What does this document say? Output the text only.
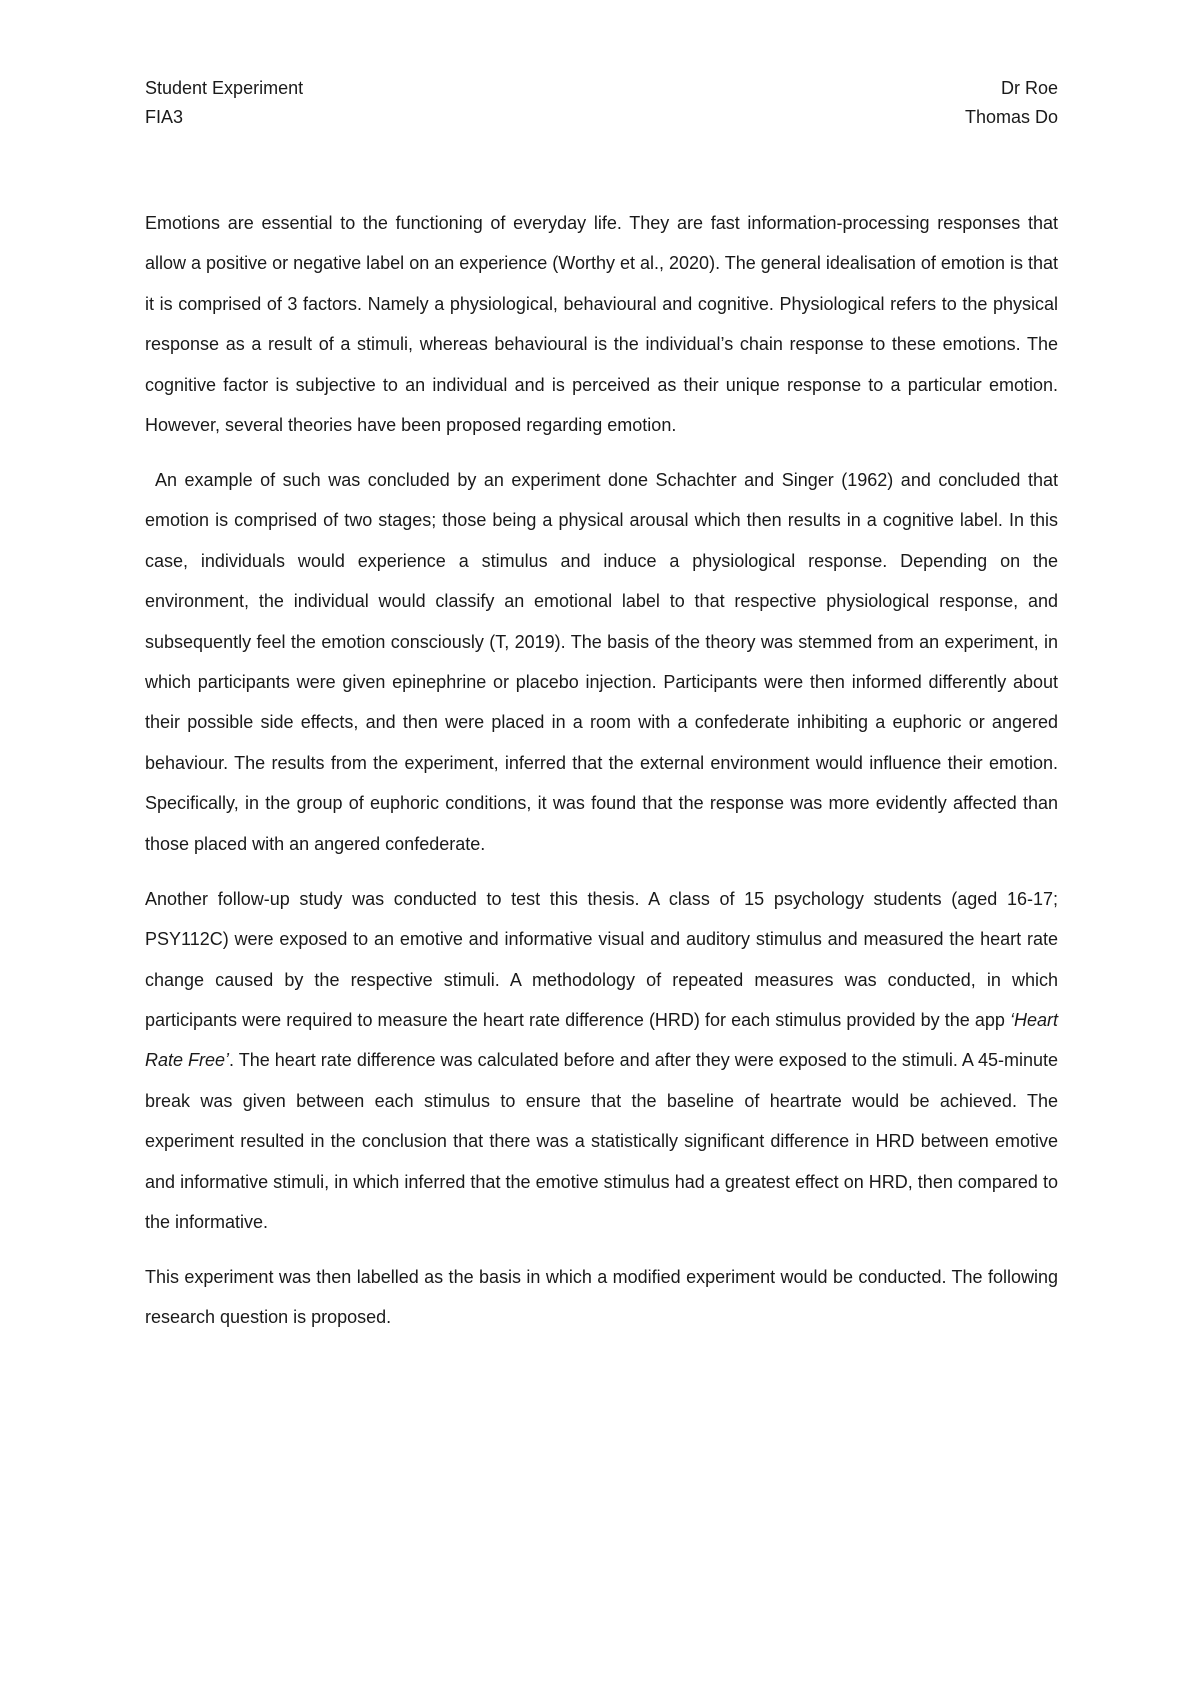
Student Experiment
FIA3
Dr Roe
Thomas Do

Emotions are essential to the functioning of everyday life. They are fast information-processing responses that allow a positive or negative label on an experience (Worthy et al., 2020). The general idealisation of emotion is that it is comprised of 3 factors. Namely a physiological, behavioural and cognitive. Physiological refers to the physical response as a result of a stimuli, whereas behavioural is the individual’s chain response to these emotions. The cognitive factor is subjective to an individual and is perceived as their unique response to a particular emotion. However, several theories have been proposed regarding emotion.

An example of such was concluded by an experiment done Schachter and Singer (1962) and concluded that emotion is comprised of two stages; those being a physical arousal which then results in a cognitive label. In this case, individuals would experience a stimulus and induce a physiological response. Depending on the environment, the individual would classify an emotional label to that respective physiological response, and subsequently feel the emotion consciously (T, 2019). The basis of the theory was stemmed from an experiment, in which participants were given epinephrine or placebo injection. Participants were then informed differently about their possible side effects, and then were placed in a room with a confederate inhibiting a euphoric or angered behaviour. The results from the experiment, inferred that the external environment would influence their emotion. Specifically, in the group of euphoric conditions, it was found that the response was more evidently affected than those placed with an angered confederate.

Another follow-up study was conducted to test this thesis. A class of 15 psychology students (aged 16-17; PSY112C) were exposed to an emotive and informative visual and auditory stimulus and measured the heart rate change caused by the respective stimuli. A methodology of repeated measures was conducted, in which participants were required to measure the heart rate difference (HRD) for each stimulus provided by the app ‘Heart Rate Free’. The heart rate difference was calculated before and after they were exposed to the stimuli. A 45-minute break was given between each stimulus to ensure that the baseline of heartrate would be achieved. The experiment resulted in the conclusion that there was a statistically significant difference in HRD between emotive and informative stimuli, in which inferred that the emotive stimulus had a greatest effect on HRD, then compared to the informative.

This experiment was then labelled as the basis in which a modified experiment would be conducted. The following research question is proposed.
